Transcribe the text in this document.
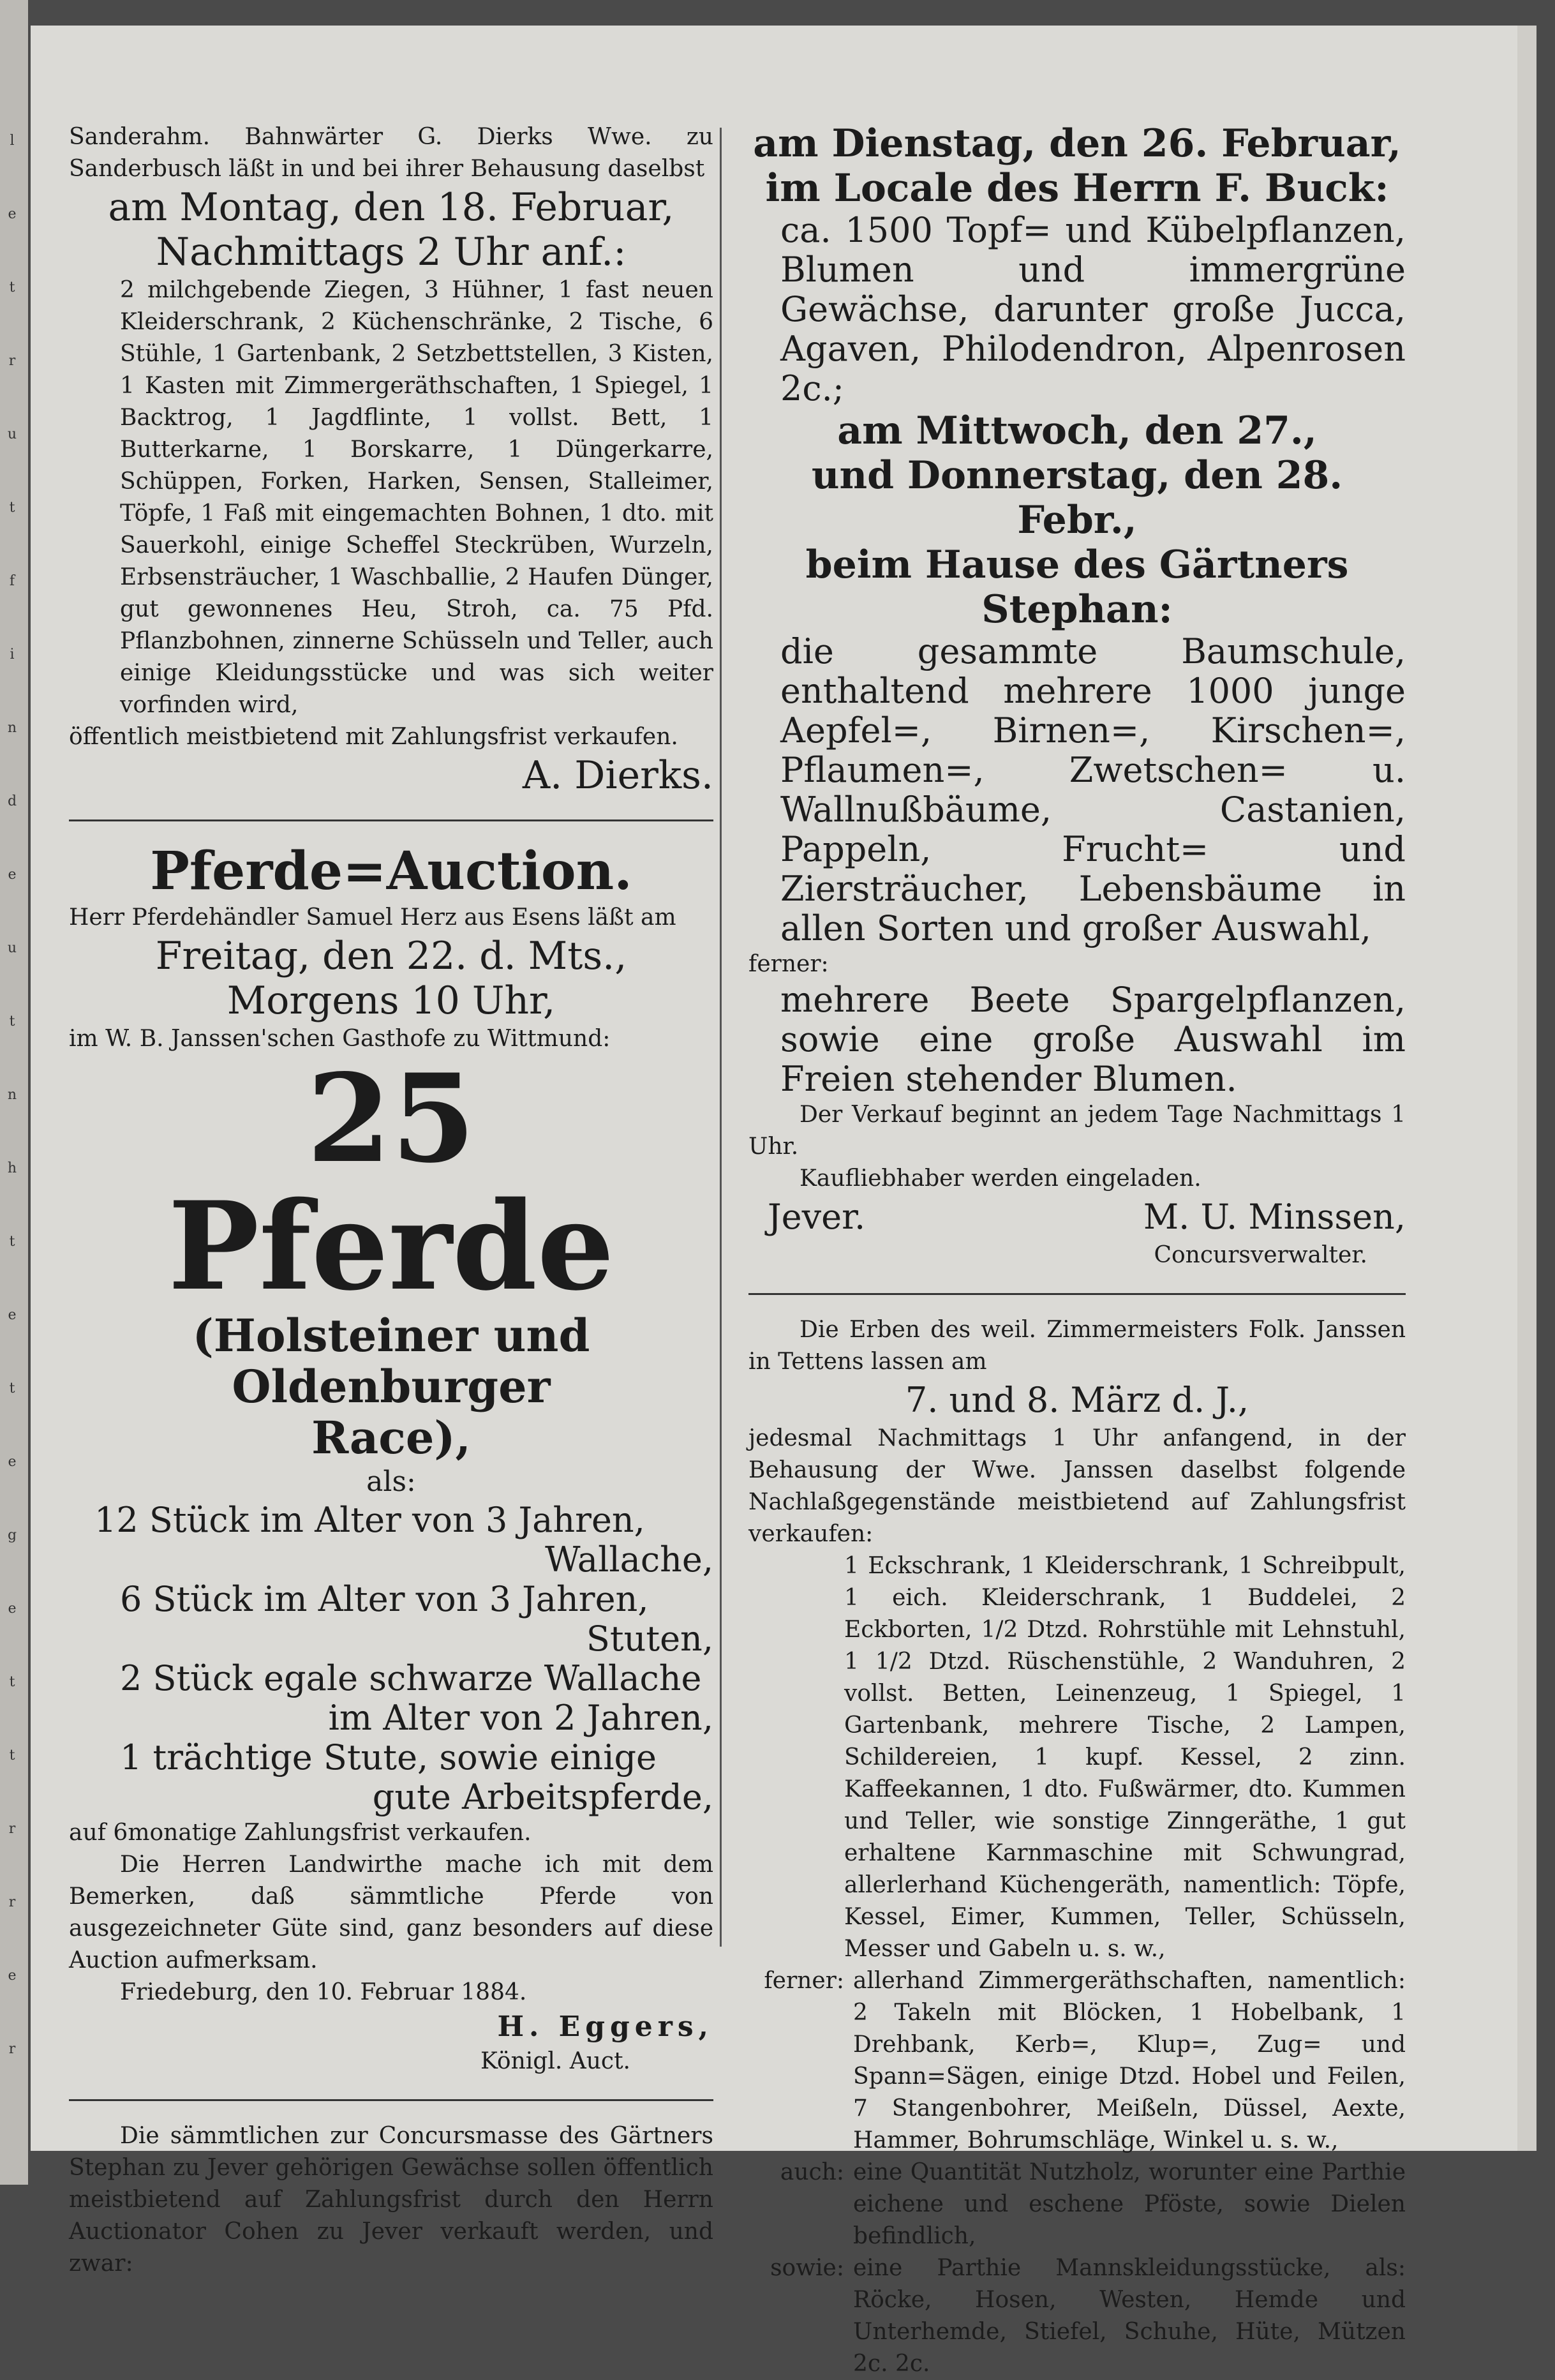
l
e
t
r
u
t
f
i
n
d
e
u
t
n
h
t
e
t
e
g
e
t
t
r
r
e
r

Sanderahm. Bahnwärter G. Dierks Wwe. zu Sanderbusch läßt in und bei ihrer Behausung daselbst

am Montag, den 18. Februar,

Nachmittags 2 Uhr anf.:

2 milchgebende Ziegen, 3 Hühner, 1 fast neuen Kleiderschrank, 2 Küchenschränke, 2 Tische, 6 Stühle, 1 Gartenbank, 2 Setzbettstellen, 3 Kisten, 1 Kasten mit Zimmergeräthschaften, 1 Spiegel, 1 Backtrog, 1 Jagdflinte, 1 vollst. Bett, 1 Butterkarne, 1 Borskarre, 1 Düngerkarre, Schüppen, Forken, Harken, Sensen, Stalleimer, Töpfe, 1 Faß mit eingemachten Bohnen, 1 dto. mit Sauerkohl, einige Scheffel Steckrüben, Wurzeln, Erbsensträucher, 1 Waschballie, 2 Haufen Dünger, gut gewonnenes Heu, Stroh, ca. 75 Pfd. Pflanzbohnen, zinnerne Schüsseln und Teller, auch einige Kleidungsstücke und was sich weiter vorfinden wird,

öffentlich meistbietend mit Zahlungsfrist verkaufen.

A. Dierks.

Pferde=Auction.

Herr Pferdehändler Samuel Herz aus Esens läßt am

Freitag, den 22. d. Mts.,

Morgens 10 Uhr,

im W. B. Janssen'schen Gasthofe zu Wittmund:

25 Pferde

(Holsteiner und Oldenburger

Race),

als:

12 Stück im Alter von 3 Jahren,

Wallache,

6 Stück im Alter von 3 Jahren,

Stuten,

2 Stück egale schwarze Wallache

im Alter von 2 Jahren,

1 trächtige Stute, sowie einige

gute Arbeitspferde,

auf 6monatige Zahlungsfrist verkaufen.

Die Herren Landwirthe mache ich mit dem Bemerken, daß sämmtliche Pferde von ausgezeichneter Güte sind, ganz besonders auf diese Auction aufmerksam.

Friedeburg, den 10. Februar 1884.

H. Eggers,

Königl. Auct.

Die sämmtlichen zur Concursmasse des Gärtners Stephan zu Jever gehörigen Gewächse sollen öffentlich meistbietend auf Zahlungsfrist durch den Herrn Auctionator Cohen zu Jever verkauft werden, und zwar:

am Dienstag, den 26. Februar,

im Locale des Herrn F. Buck:

ca. 1500 Topf= und Kübelpflanzen, Blumen und immergrüne Gewächse, darunter große Jucca, Agaven, Philodendron, Alpenrosen 2c.;

am Mittwoch, den 27.,

und Donnerstag, den 28. Febr.,

beim Hause des Gärtners

Stephan:

die gesammte Baumschule, enthaltend mehrere 1000 junge Aepfel=, Birnen=, Kirschen=, Pflaumen=, Zwetschen= u. Wallnußbäume, Castanien, Pappeln, Frucht= und Ziersträucher, Lebensbäume in allen Sorten und großer Auswahl,

ferner:

mehrere Beete Spargelpflanzen, sowie eine große Auswahl im Freien stehender Blumen.

Der Verkauf beginnt an jedem Tage Nachmittags 1 Uhr.

Kaufliebhaber werden eingeladen.

Jever.	M. U. Minssen,

Concursverwalter.

Die Erben des weil. Zimmermeisters Folk. Janssen in Tettens lassen am

7. und 8. März d. J.,

jedesmal Nachmittags 1 Uhr anfangend, in der Behausung der Wwe. Janssen daselbst folgende Nachlaßgegenstände meistbietend auf Zahlungsfrist verkaufen:

1 Eckschrank, 1 Kleiderschrank, 1 Schreibpult, 1 eich. Kleiderschrank, 1 Buddelei, 2 Eckborten, 1/2 Dtzd. Rohrstühle mit Lehnstuhl, 1 1/2 Dtzd. Rüschenstühle, 2 Wanduhren, 2 vollst. Betten, Leinenzeug, 1 Spiegel, 1 Gartenbank, mehrere Tische, 2 Lampen, Schildereien, 1 kupf. Kessel, 2 zinn. Kaffeekannen, 1 dto. Fußwärmer, dto. Kummen und Teller, wie sonstige Zinngeräthe, 1 gut erhaltene Karnmaschine mit Schwungrad, allerlerhand Küchengeräth, namentlich: Töpfe, Kessel, Eimer, Kummen, Teller, Schüsseln, Messer und Gabeln u. s. w.,

ferner: allerhand Zimmergeräthschaften, namentlich: 2 Takeln mit Blöcken, 1 Hobelbank, 1 Drehbank, Kerb=, Klup=, Zug= und Spann=Sägen, einige Dtzd. Hobel und Feilen, 7 Stangenbohrer, Meißeln, Düssel, Aexte, Hammer, Bohrumschläge, Winkel u. s. w.,
auch: eine Quantität Nutzholz, worunter eine Parthie eichene und eschene Pföste, sowie Dielen befindlich,
sowie: eine Parthie Mannskleidungsstücke, als: Röcke, Hosen, Westen, Hemde und Unterhemde, Stiefel, Schuhe, Hüte, Mützen 2c. 2c.
